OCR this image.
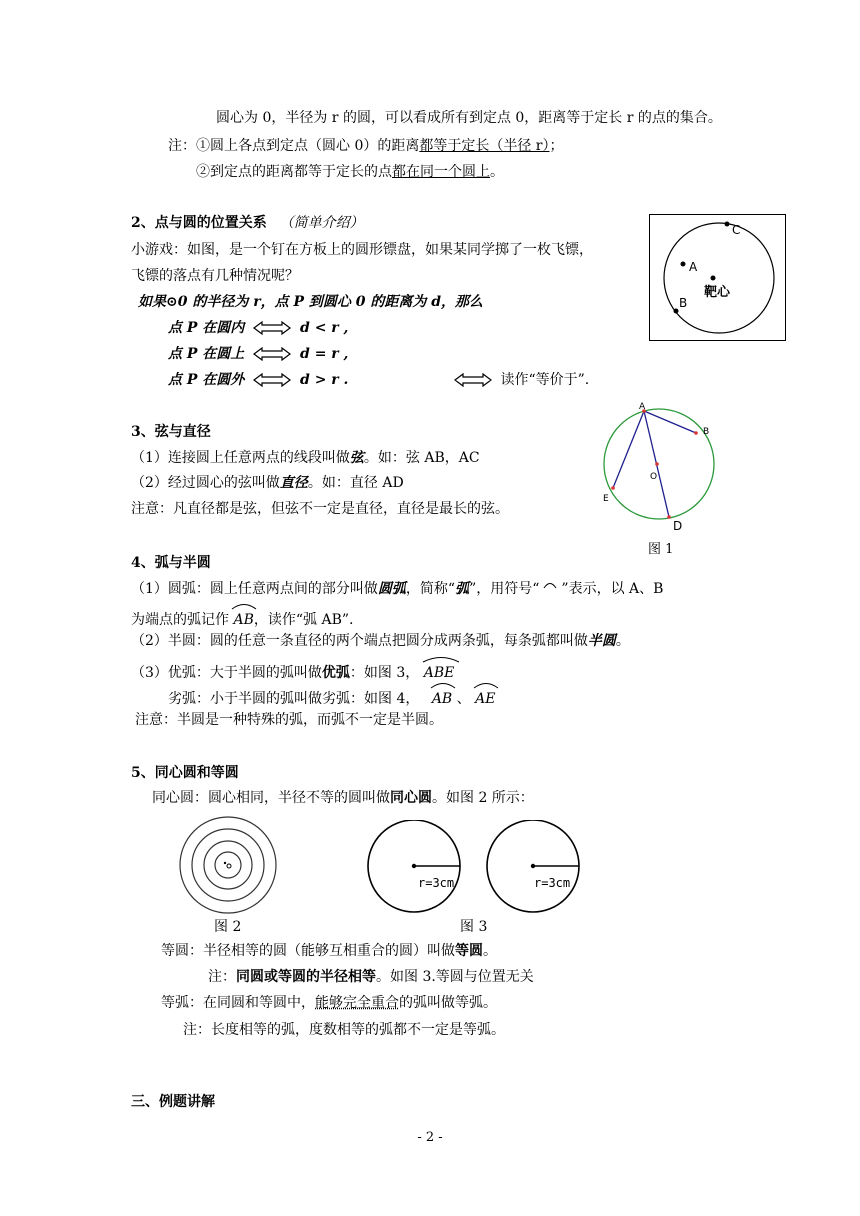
圆心为 0，半径为 r 的圆，可以看成所有到定点 0，距离等于定长 r 的点的集合。
注：①圆上各点到定点（圆心 0）的距离都等于定长（半径 r）；
②到定点的距离都等于定长的点都在同一个圆上。
2、点与圆的位置关系 （简单介绍）
小游戏：如图，是一个钉在方板上的圆形镖盘，如果某同学掷了一枚飞镖，
飞镖的落点有几种情况呢？
如果⊙0 的半径为 r，点 P 到圆心 0 的距离为 d，那么
点 P 在圆内	d < r ,
点 P 在圆上	d = r ,
点 P 在圆外	d > r .	读作“等价于”.
C
A
靶心
B
3、弦与直径
（1）连接圆上任意两点的线段叫做弦。如：弦 AB，AC
（2）经过圆心的弦叫做直径。如：直径 AD
注意：凡直径都是弦，但弦不一定是直径，直径是最长的弦。
A
B
O
E
D
图 1
4、弧与半圆
（1）圆弧：圆上任意两点间的部分叫做圆弧，简称“弧”，用符号“ ”表示，以 A、B
为端点的弧记作 AB，读作“弧 AB”.
（2）半圆：圆的任意一条直径的两个端点把圆分成两条弧，每条弧都叫做半圆。
（3）优弧：大于半圆的弧叫做优弧：如图 3， ABE
劣弧：小于半圆的弧叫做劣弧：如图 4， AB 、 AE
注意：半圆是一种特殊的弧，而弧不一定是半圆。
5、同心圆和等圆
同心圆：圆心相同，半径不等的圆叫做同心圆。如图 2 所示：
图 2
r=3cm	r=3cm
图 3
等圆：半径相等的圆（能够互相重合的圆）叫做等圆。
注：同圆或等圆的半径相等。如图 3.等圆与位置无关
等弧：在同圆和等圆中，能够完全重合的弧叫做等弧。
注：长度相等的弧，度数相等的弧都不一定是等弧。
三、例题讲解
- 2 -
